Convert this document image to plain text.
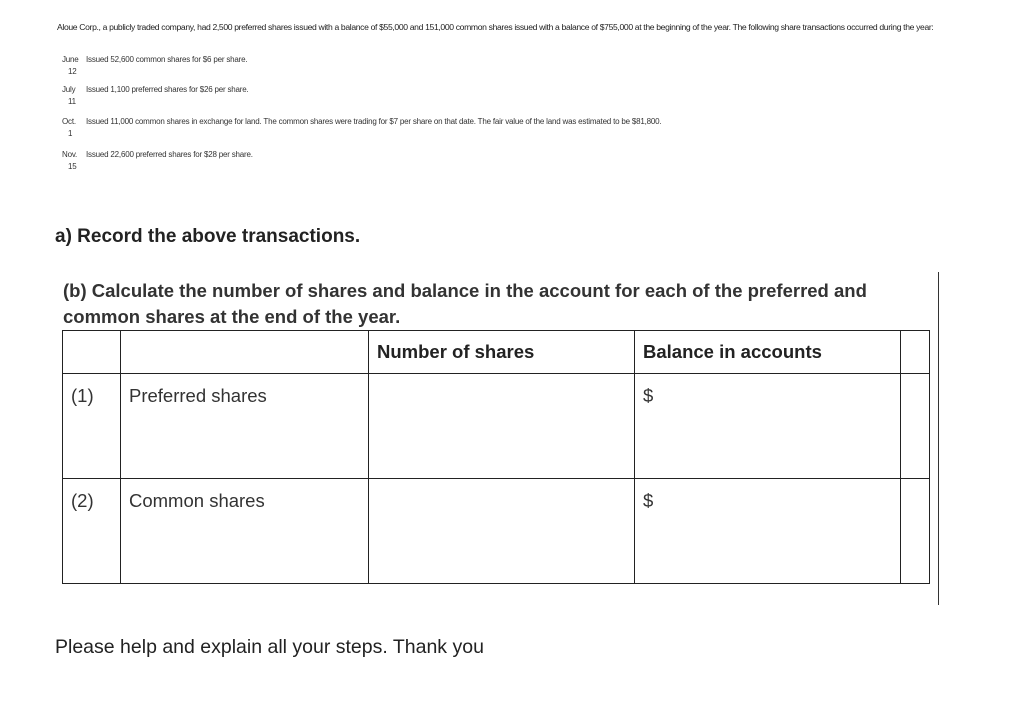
Aloue Corp., a publicly traded company, had 2,500 preferred shares issued with a balance of $55,000 and 151,000 common shares issued with a balance of $755,000 at the beginning of the year. The following share transactions occurred during the year:
June Issued 52,600 common shares for $6 per share.
12
July Issued 1,100 preferred shares for $26 per share.
11
Oct. Issued 11,000 common shares in exchange for land. The common shares were trading for $7 per share on that date. The fair value of the land was estimated to be $81,800.
1
Nov. Issued 22,600 preferred shares for $28 per share.
15
a) Record the above transactions.
(b) Calculate the number of shares and balance in the account for each of the preferred and common shares at the end of the year.
		Number of shares	Balance in accounts	

(1)	Preferred shares		$	

(2)	Common shares		$	

Please help and explain all your steps. Thank you
